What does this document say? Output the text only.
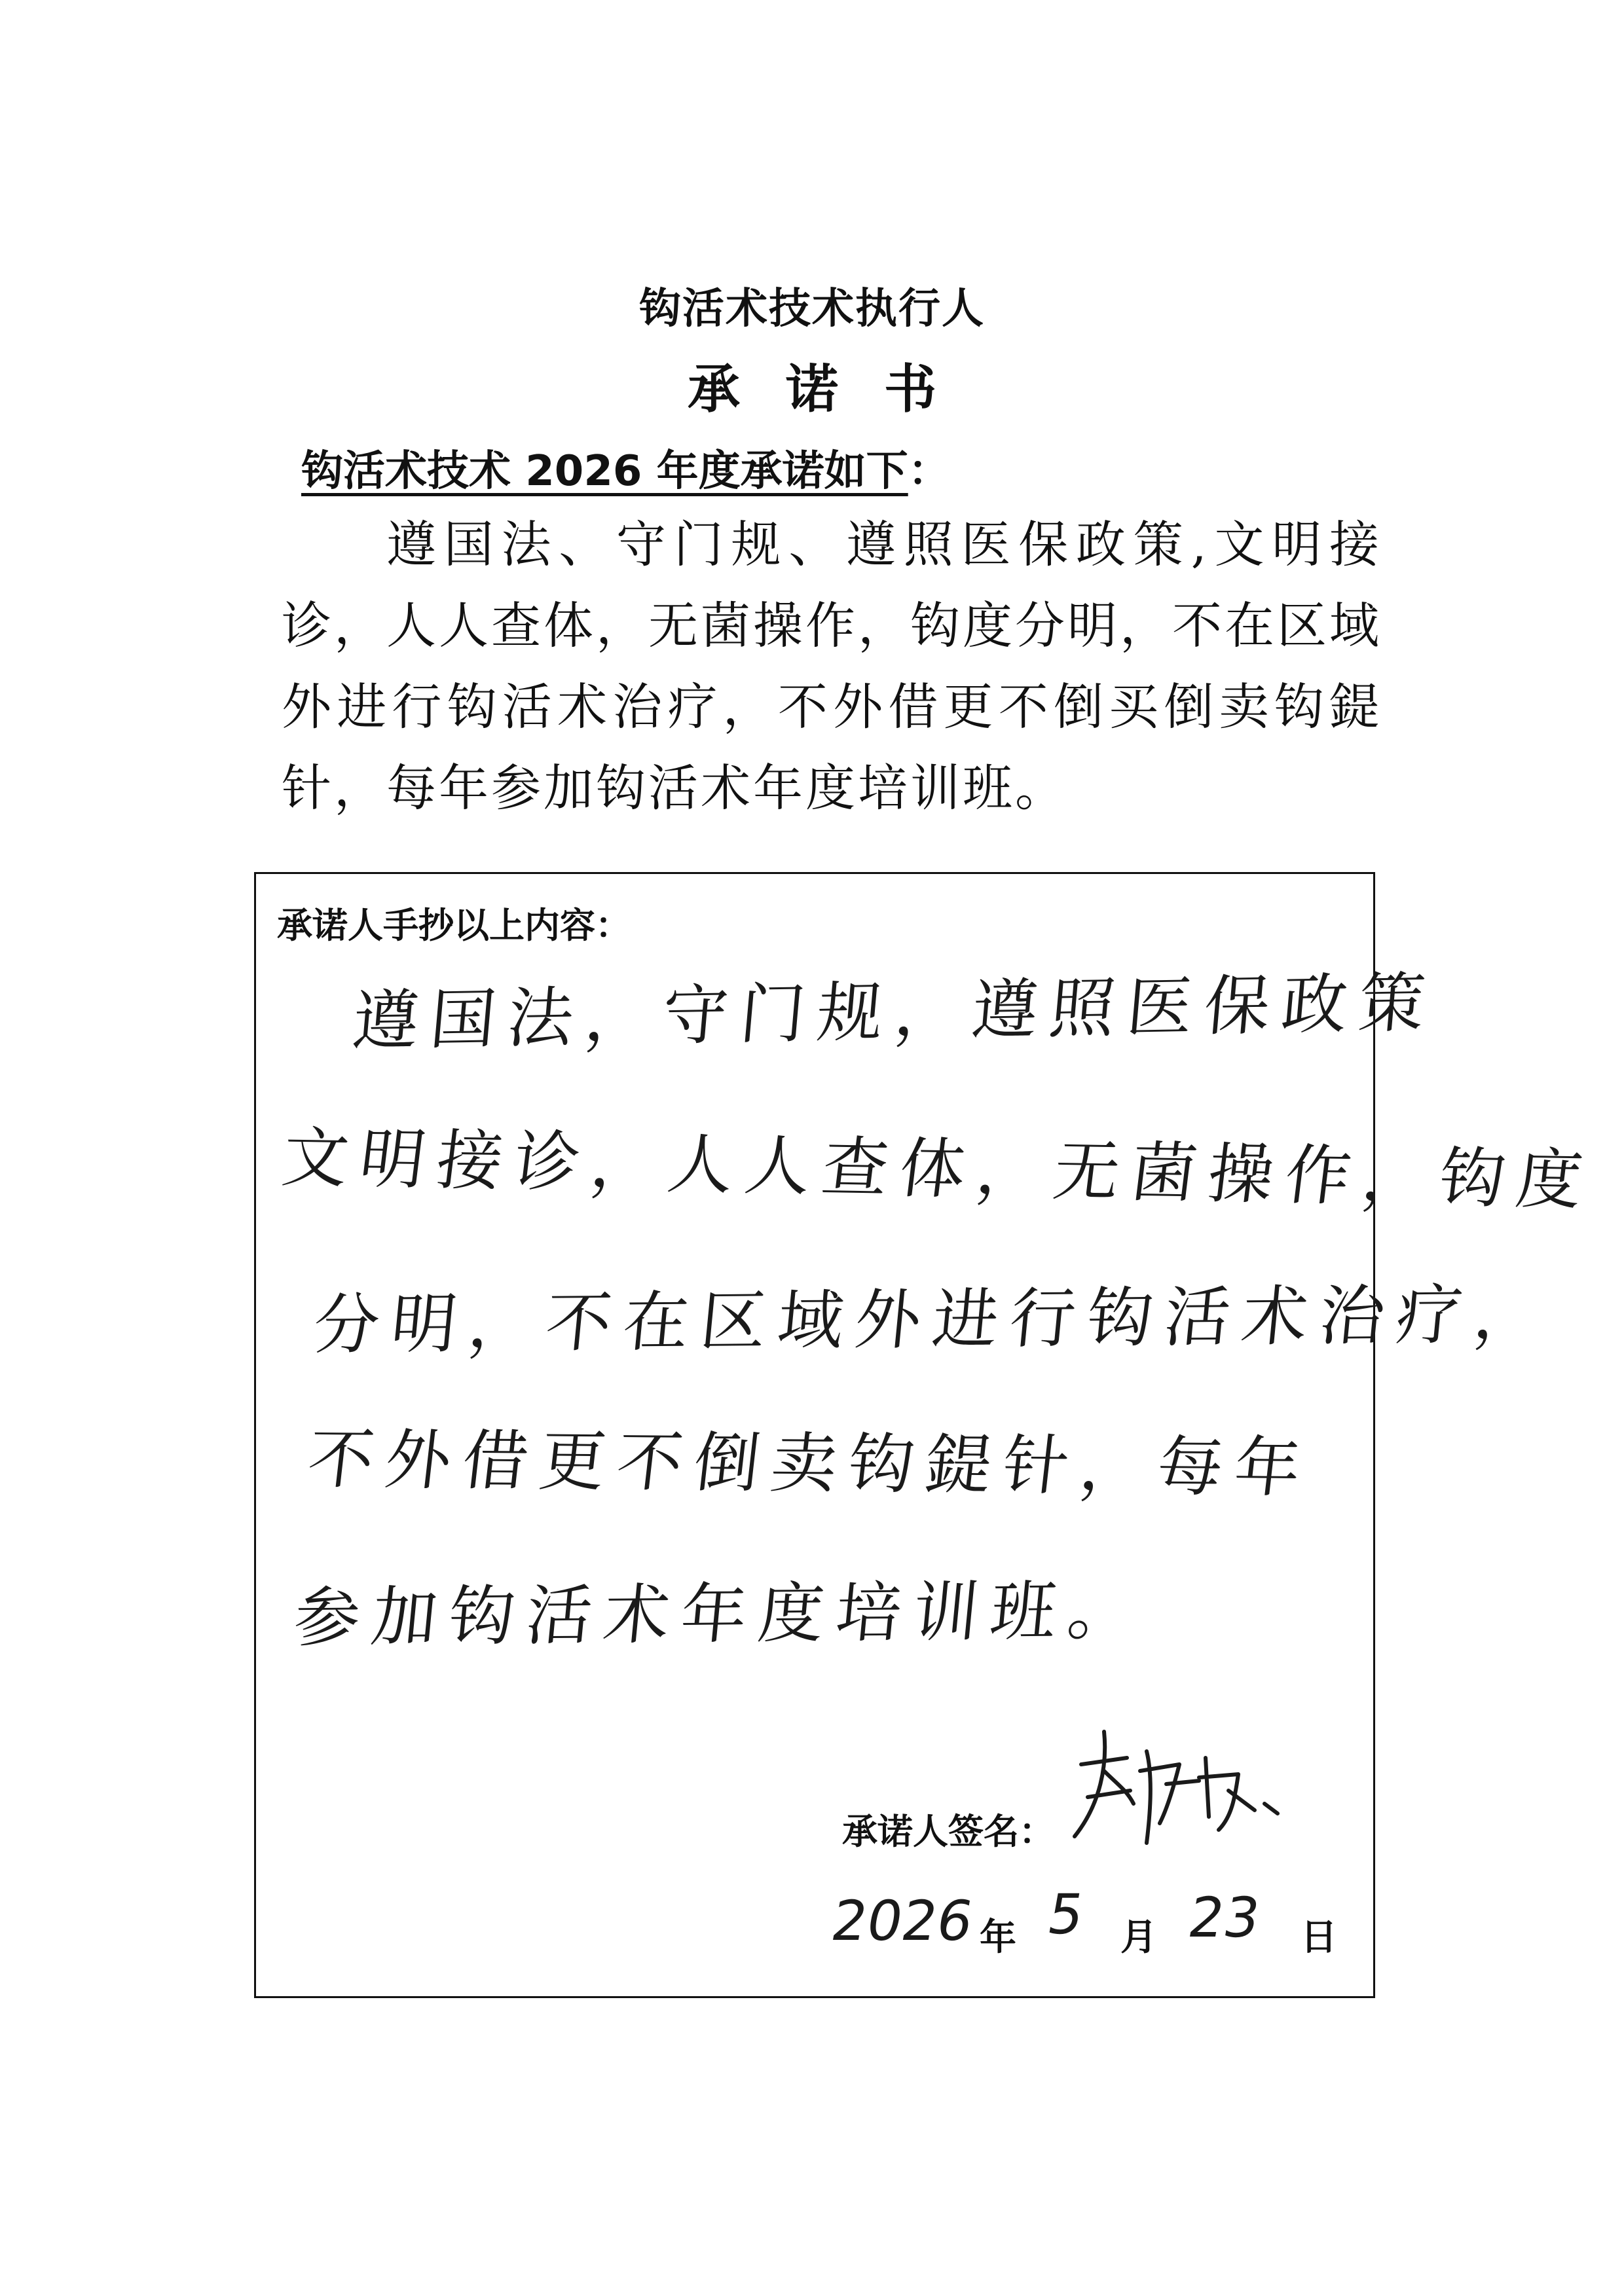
钩活术技术执行人
承诺书
钩活术技术 2026 年度承诺如下：
遵国法、守门规、遵照医保政策,文明接诊，人人查体，无菌操作，钩度分明，不在区域外进行钩活术治疗，不外借更不倒买倒卖钩鍉针，每年参加钩活术年度培训班。
承诺人手抄以上内容：
遵国法，守门规，遵照医保政策
文明接诊，人人查体，无菌操作，钩度
分明，不在区域外进行钩活术治疗，
不外借更不倒卖钩鍉针，每年
参加钩活术年度培训班。
承诺人签名：
2026 年 5 月 23 日
